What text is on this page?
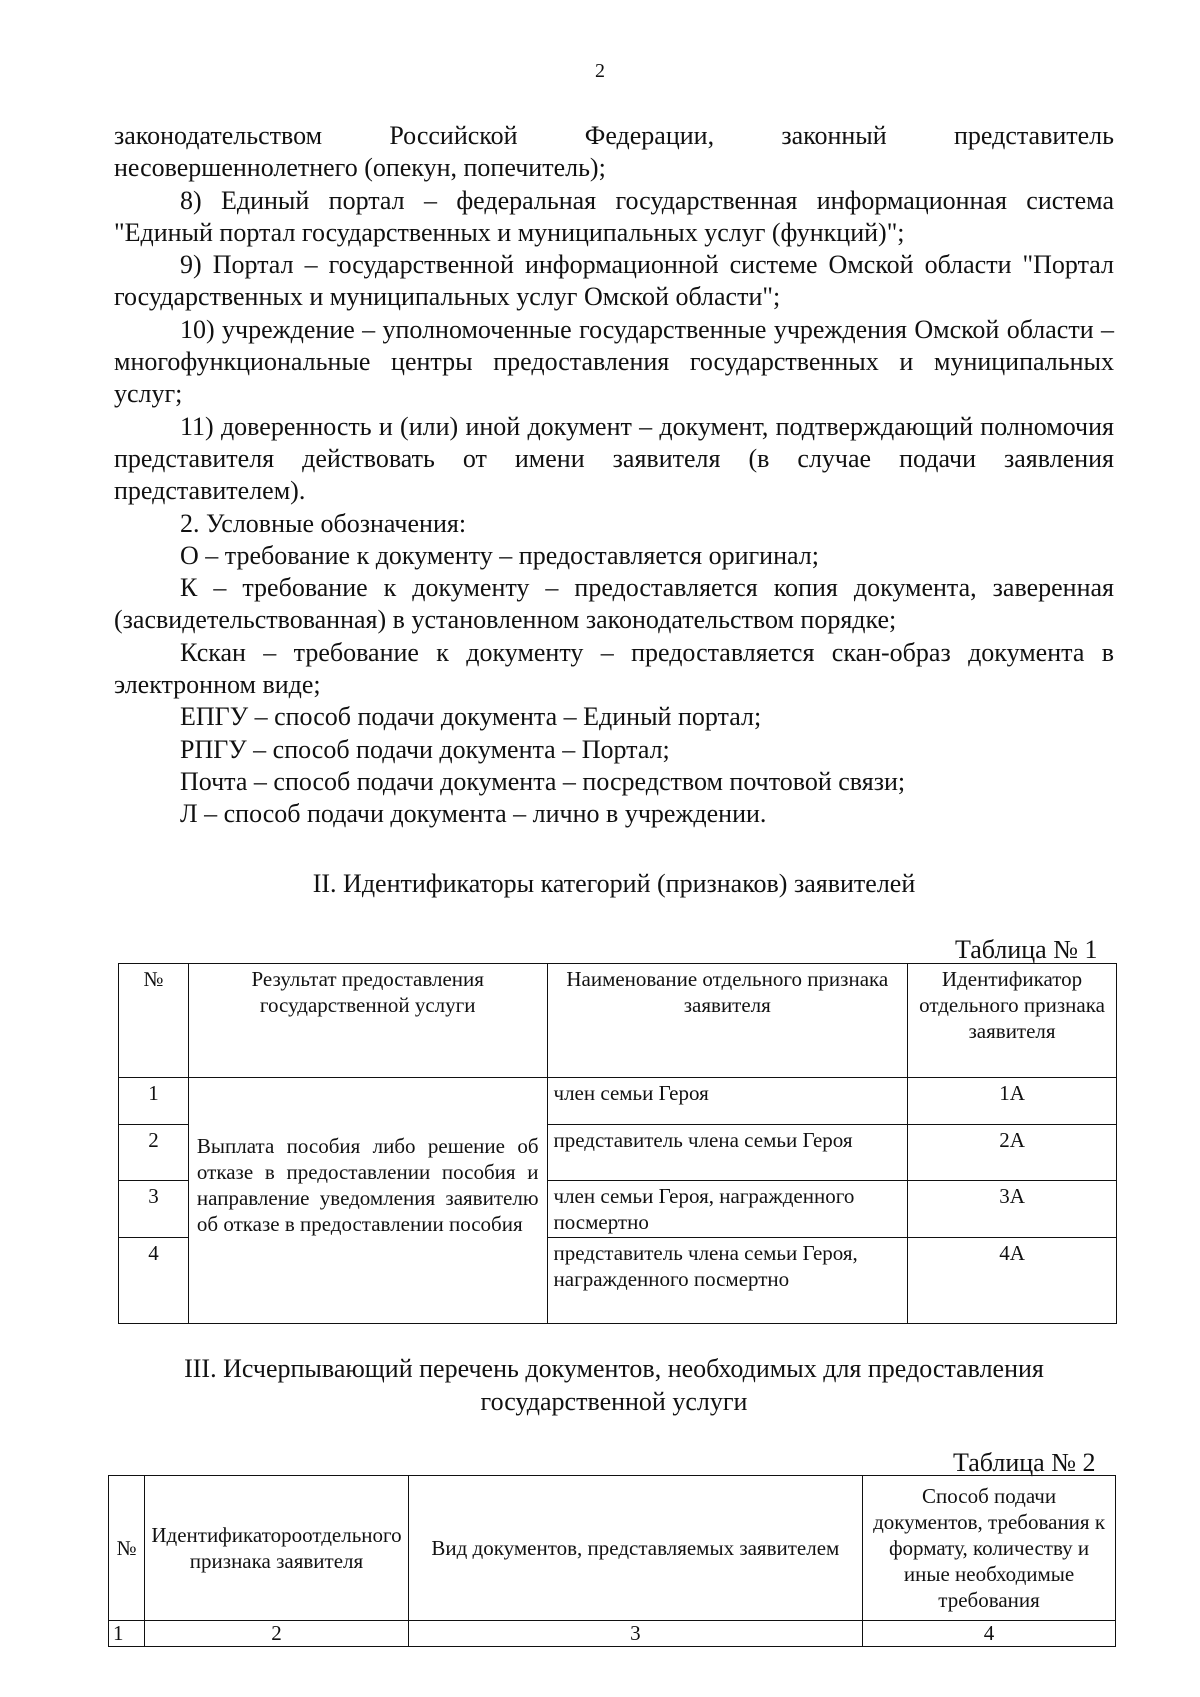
2

законодательством Российской Федерации, законный представитель несовершеннолетнего (опекун, попечитель);

8) Единый портал – федеральная государственная информационная система "Единый портал государственных и муниципальных услуг (функций)";

9) Портал – государственной информационной системе Омской области "Портал государственных и муниципальных услуг Омской области";

10) учреждение – уполномоченные государственные учреждения Омской области – многофункциональные центры предоставления государственных и муниципальных услуг;

11) доверенность и (или) иной документ – документ, подтверждающий полномочия представителя действовать от имени заявителя (в случае подачи заявления представителем).

2. Условные обозначения:

О – требование к документу – предоставляется оригинал;

К – требование к документу – предоставляется копия документа, заверенная (засвидетельствованная) в установленном законодательством порядке;

Кскан – требование к документу – предоставляется скан-образ документа в электронном виде;

ЕПГУ – способ подачи документа – Единый портал;

РПГУ – способ подачи документа – Портал;

Почта – способ подачи документа – посредством почтовой связи;

Л – способ подачи документа – лично в учреждении.

II. Идентификаторы категорий (признаков) заявителей
Таблица № 1
№	Результат предоставления государственной услуги	Наименование отдельного признака заявителя	Идентификатор отдельного признака заявителя
1	Выплата пособия либо решение об отказе в предоставлении пособия и направление уведомления заявителю об отказе в предоставлении пособия	член семьи Героя	1А
2		представитель члена семьи Героя	2А
3		член семьи Героя, награжденного посмертно	3А
4		представитель члена семьи Героя, награжденного посмертно	4А
III. Исчерпывающий перечень документов, необходимых для предоставления государственной услуги
Таблица № 2
№	Идентификатороотдельного признака заявителя	Вид документов, представляемых заявителем	Способ подачи документов, требования к формату, количеству и иные необходимые требования
1	2	3	4
